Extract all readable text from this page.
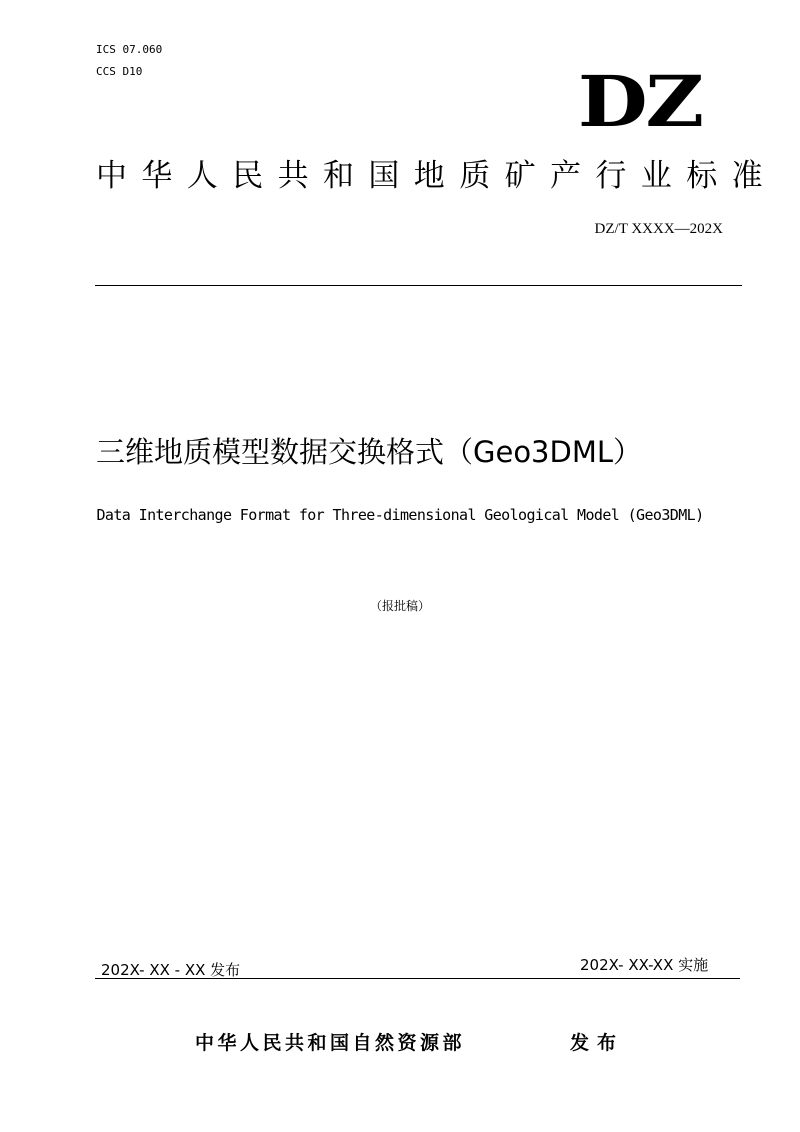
ICS 07.060
CCS D10	DZ
中华人民共和国地质矿产行业标准
DZ/T XXXX—202X
三维地质模型数据交换格式（Geo3DML）
Data Interchange Format for Three-dimensional Geological Model (Geo3DML)
（报批稿）
202X- XX - XX 发布	202X- XX-XX 实施
中华人民共和国自然资源部	发布
